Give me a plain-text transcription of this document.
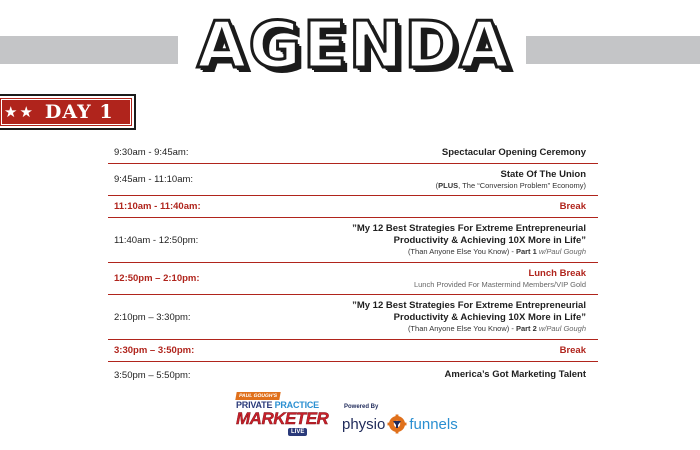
AGENDA
★★ DAY 1
9:30am - 9:45am:	Spectacular Opening Ceremony
9:45am - 11:10am:	State Of The Union
(PLUS, The “Conversion Problem” Economy)
11:10am - 11:40am:	Break
11:40am - 12:50pm:
”My 12 Best Strategies For Extreme Entrepreneurial
Productivity & Achieving 10X More in Life”
(Than Anyone Else You Know) - Part 1 w/Paul Gough
12:50pm – 2:10pm:	Lunch Break
Lunch Provided For Mastermind Members/VIP Gold
2:10pm – 3:30pm:
”My 12 Best Strategies For Extreme Entrepreneurial
Productivity & Achieving 10X More in Life”
(Than Anyone Else You Know) - Part 2 w/Paul Gough
3:30pm – 3:50pm:	Break
3:50pm – 5:50pm:	America’s Got Marketing Talent
PAUL GOUGH'S
PRIVATE PRACTICE
MARKETER
LIVE
Powered By
physio funnels
